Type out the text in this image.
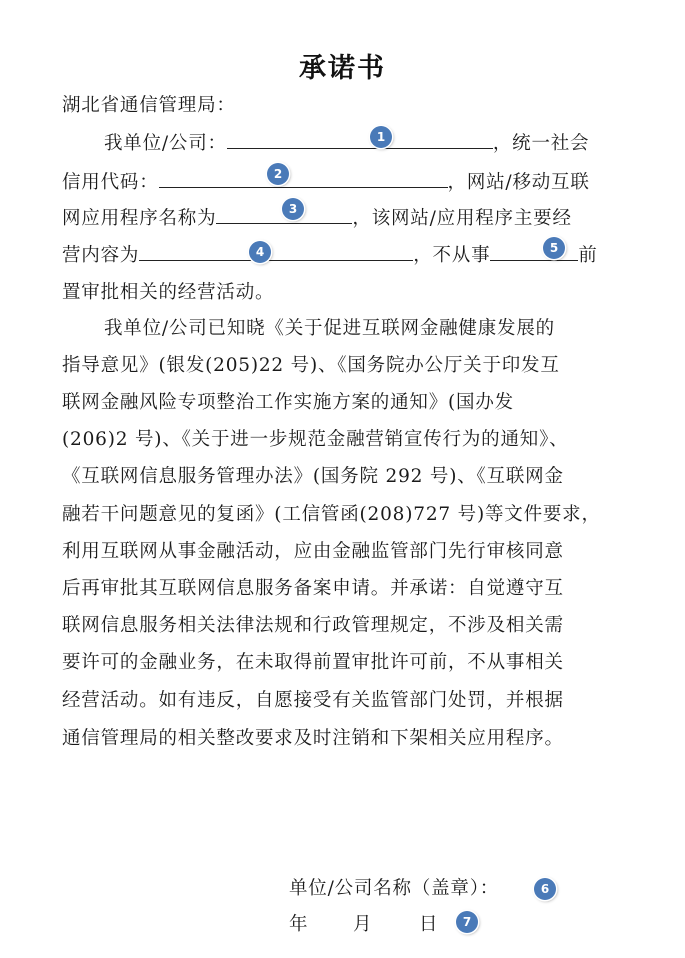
承诺书
湖北省通信管理局：
我单位/公司：	，统一社会
信用代码：	，网站/移动互联
网应用程序名称为	，该网站/应用程序主要经
营内容为	，不从事	前
置审批相关的经营活动。
我单位/公司已知晓《关于促进互联网金融健康发展的
指导意见》(银发(205)22 号)、《国务院办公厅关于印发互
联网金融风险专项整治工作实施方案的通知》(国办发
(206)2 号)、《关于进一步规范金融营销宣传行为的通知》、
《互联网信息服务管理办法》(国务院 292 号)、《互联网金
融若干问题意见的复函》(工信管函(208)727 号)等文件要求，
利用互联网从事金融活动，应由金融监管部门先行审核同意
后再审批其互联网信息服务备案申请。并承诺：自觉遵守互
联网信息服务相关法律法规和行政管理规定，不涉及相关需
要许可的金融业务，在未取得前置审批许可前，不从事相关
经营活动。如有违反，自愿接受有关监管部门处罚，并根据
通信管理局的相关整改要求及时注销和下架相关应用程序。
单位/公司名称（盖章）：
年 月	日
1
2
3
4	5
6
7
